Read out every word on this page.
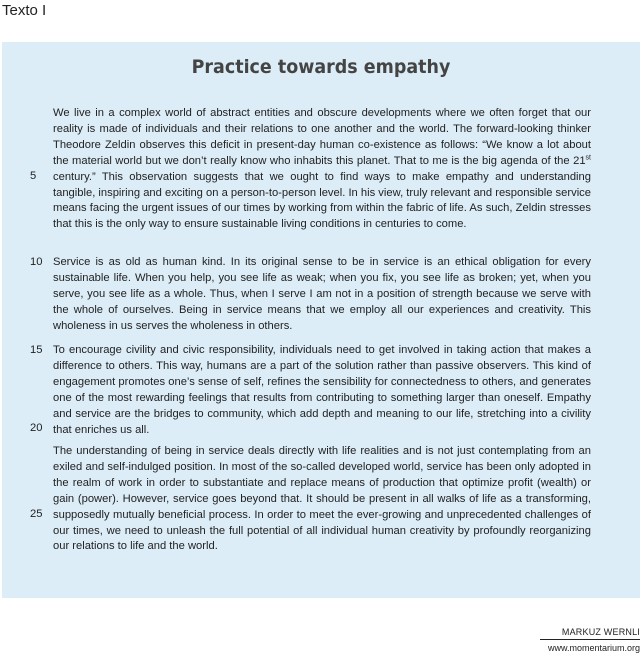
Texto I
Practice towards empathy

We live in a complex world of abstract entities and obscure developments where we often forget that our reality is made of individuals and their relations to one another and the world. The forward-looking thinker Theodore Zeldin observes this deficit in present-day human co-existence as follows: “We know a lot about the material world but we don’t really know who inhabits this planet. That to me is the big agenda of the 21st century.” This observation suggests that we ought to find ways to make empathy and understanding tangible, inspiring and exciting on a person-to-person level. In his view, truly relevant and responsible service means facing the urgent issues of our times by working from within the fabric of life. As such, Zeldin stresses that this is the only way to ensure sustainable living conditions in centuries to come.

Service is as old as human kind. In its original sense to be in service is an ethical obligation for every sustainable life. When you help, you see life as weak; when you fix, you see life as broken; yet, when you serve, you see life as a whole. Thus, when I serve I am not in a position of strength because we serve with the whole of ourselves. Being in service means that we employ all our experiences and creativity. This wholeness in us serves the wholeness in others.

To encourage civility and civic responsibility, individuals need to get involved in taking action that makes a difference to others. This way, humans are a part of the solution rather than passive observers. This kind of engagement promotes one’s sense of self, refines the sensibility for connectedness to others, and generates one of the most rewarding feelings that results from contributing to something larger than oneself. Empathy and service are the bridges to community, which add depth and meaning to our life, stretching into a civility that enriches us all.

The understanding of being in service deals directly with life realities and is not just contemplating from an exiled and self-indulged position. In most of the so-called developed world, service has been only adopted in the realm of work in order to substantiate and replace means of production that optimize profit (wealth) or gain (power). However, service goes beyond that. It should be present in all walks of life as a transforming, supposedly mutually beneficial process. In order to meet the ever-growing and unprecedented challenges of our times, we need to unleash the full potential of all individual human creativity by profoundly reorganizing our relations to life and the world.

5
10
15
20
25
MARKUZ WERNLI
www.momentarium.org
